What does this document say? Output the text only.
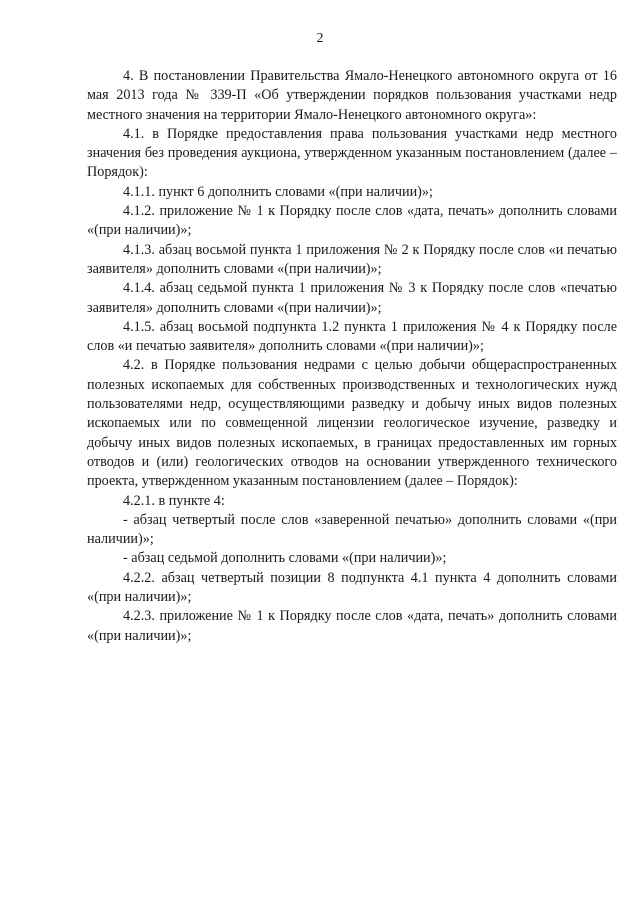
2

4. В постановлении Правительства Ямало-Ненецкого автономного округа от 16 мая 2013 года № 339-П «Об утверждении порядков пользования участками недр местного значения на территории Ямало-Ненецкого автономного округа»:

4.1. в Порядке предоставления права пользования участками недр местного значения без проведения аукциона, утвержденном указанным постановлением (далее – Порядок):

4.1.1. пункт 6 дополнить словами «(при наличии)»;

4.1.2. приложение № 1 к Порядку после слов «дата, печать» дополнить словами «(при наличии)»;

4.1.3. абзац восьмой пункта 1 приложения № 2 к Порядку после слов «и печатью заявителя» дополнить словами «(при наличии)»;

4.1.4. абзац седьмой пункта 1 приложения № 3 к Порядку после слов «печатью заявителя» дополнить словами «(при наличии)»;

4.1.5. абзац восьмой подпункта 1.2 пункта 1 приложения № 4 к Порядку после слов «и печатью заявителя» дополнить словами «(при наличии)»;

4.2. в Порядке пользования недрами с целью добычи общераспространенных полезных ископаемых для собственных производственных и технологических нужд пользователями недр, осуществляющими разведку и добычу иных видов полезных ископаемых или по совмещенной лицензии геологическое изучение, разведку и добычу иных видов полезных ископаемых, в границах предоставленных им горных отводов и (или) геологических отводов на основании утвержденного технического проекта, утвержденном указанным постановлением (далее – Порядок):

4.2.1. в пункте 4:

- абзац четвертый после слов «заверенной печатью» дополнить словами «(при наличии)»;

- абзац седьмой дополнить словами «(при наличии)»;

4.2.2. абзац четвертый позиции 8 подпункта 4.1 пункта 4 дополнить словами «(при наличии)»;

4.2.3. приложение № 1 к Порядку после слов «дата, печать» дополнить словами «(при наличии)»;
